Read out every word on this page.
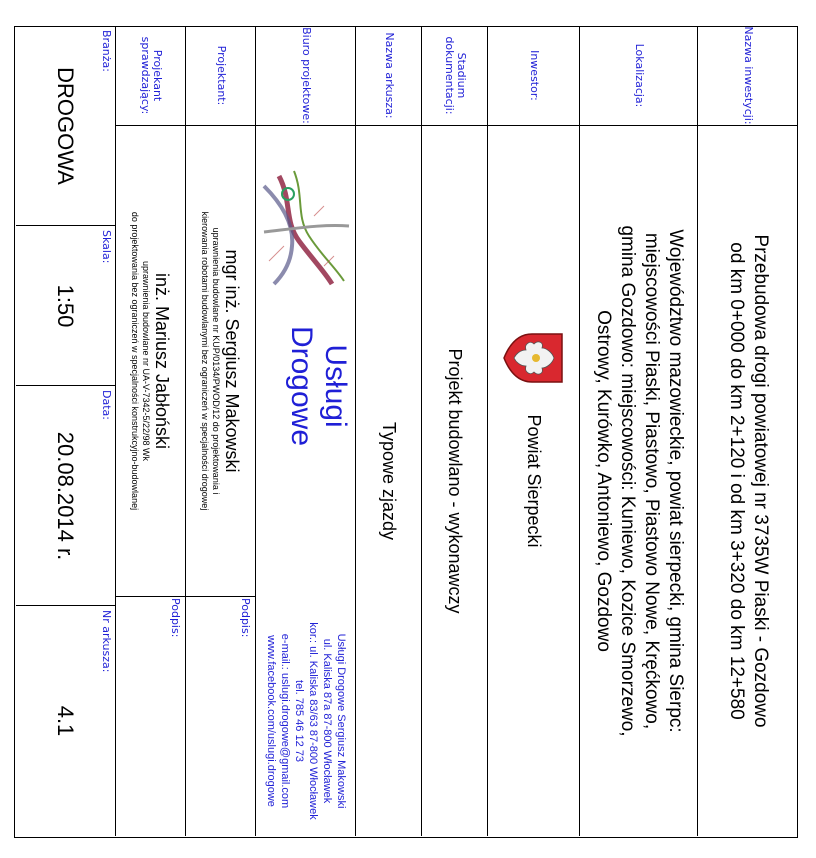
Nazwa inwestycji:
Przebudowa drogi powiatowej nr 3735W Piaski - Gozdowo
od km 0+000 do km 2+120 i od km 3+320 do km 12+580
Lokalizacja:
Województwo mazowieckie, powiat sierpecki, gmina Sierpc:
miejscowości Piaski, Piastowo, Piastowo Nowe, Kręćkowo,
gmina Gozdowo: miejscowości: Kuniewo, Kozice Smorzewo,
Ostrowy, Kurówko, Antoniewo, Gozdowo
Inwestor:
Powiat Sierpecki
Stadium dokumentacji:
Projekt budowlano - wykonawczy
Nazwa arkusza:
Typowe zjazdy
Biuro projektowe:
Usługi
Drogowe
Usługi Drogowe Sergiusz Makowski
ul. Kaliska 87a 87-800 Włocławek
kor.: ul. Kaliska 83/63 87-800 Włocławek
tel. 785 46 12 73
e-mail.: uslugi.drogowe@gmail.com
www.facebook.com/uslugi.drogowe
Projektant:
mgr inż. Sergiusz Makowski
uprawnienia budowlane nr KUP/0134/PWOD/12 do projektowania i
kierowania robotami budowlanymi bez ograniczeń w specjalności drogowej
Podpis:
Projekant sprawdzający:
inż. Mariusz Jabłoński
uprawnienia budowlane nr UA-V-7342-5/22/98 Wk
do projektowania bez ograniczeń w specjalności konstrukcyjno-budowlanej
Podpis:
Branża:
DROGOWA
Skala:
1:50
Data:
20.08.2014 r.
Nr arkusza:
4.1
